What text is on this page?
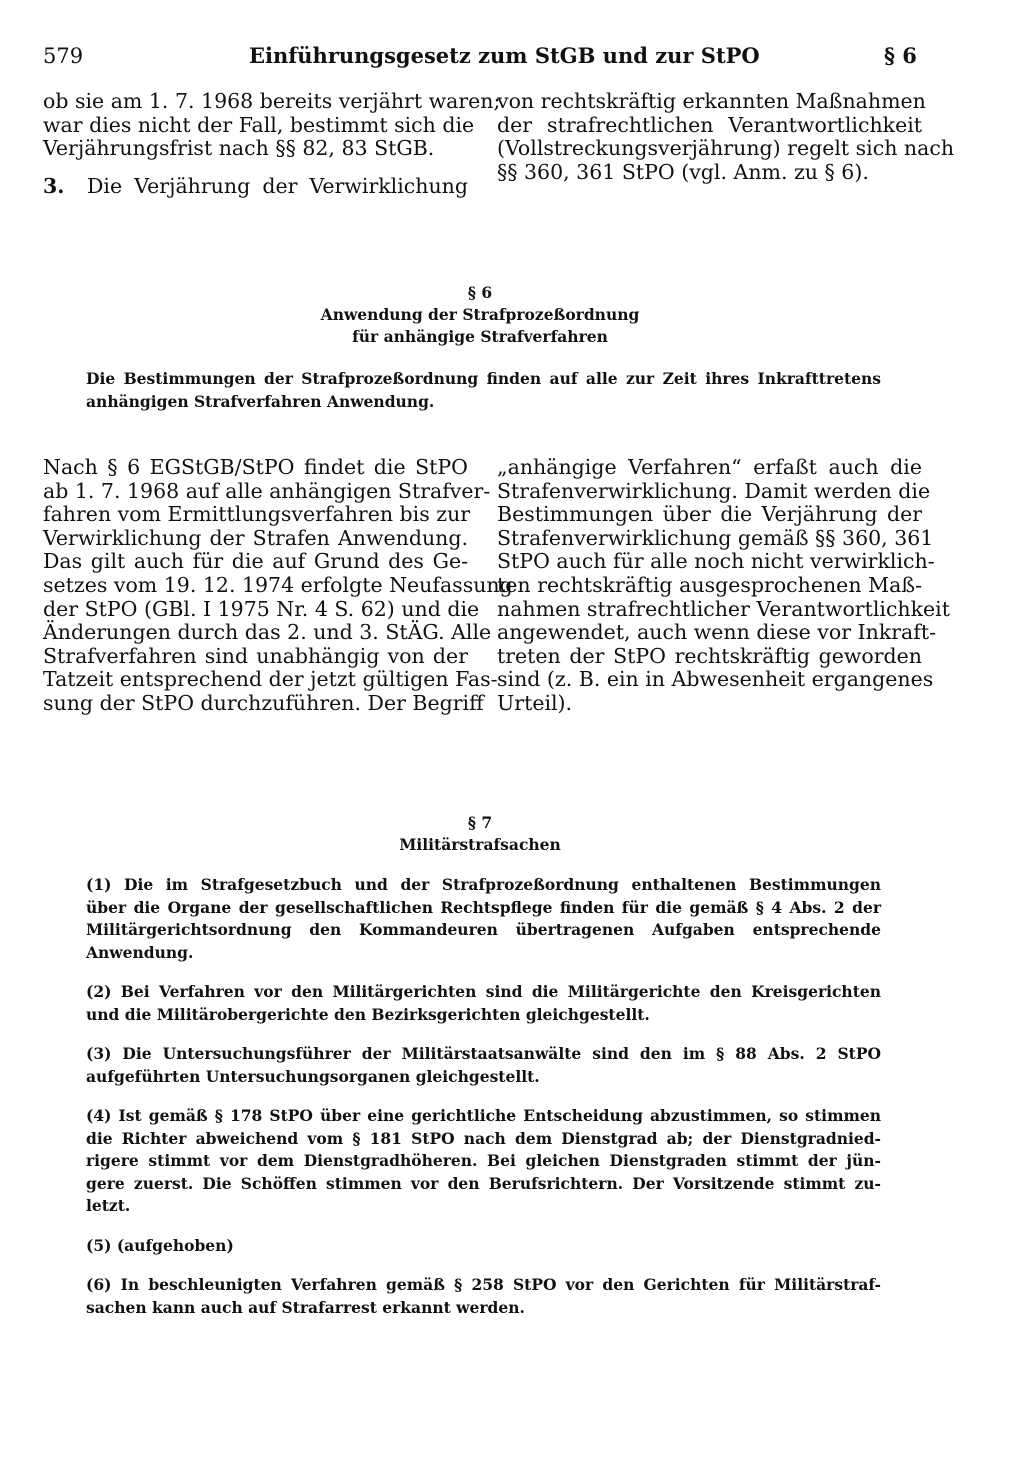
579	Einführungsgesetz zum StGB und zur StPO	§ 6
ob sie am 1. 7. 1968 bereits verjährt waren;
war dies nicht der Fall, bestimmt sich die
Verjährungsfrist nach §§ 82, 83 StGB.
3.	Die Verjährung der Verwirklichung
von rechtskräftig erkannten Maßnahmen
der strafrechtlichen Verantwortlichkeit
(Vollstreckungsverjährung) regelt sich nach
§§ 360, 361 StPO (vgl. Anm. zu § 6).
§ 6
Anwendung der Strafprozeßordnung
für anhängige Strafverfahren
Die Bestimmungen der Strafprozeßordnung finden auf alle zur Zeit ihres Inkrafttretens
anhängigen Strafverfahren Anwendung.
Nach § 6 EGStGB/StPO findet die StPO
ab 1. 7. 1968 auf alle anhängigen Strafver-
fahren vom Ermittlungsverfahren bis zur
Verwirklichung der Strafen Anwendung.
Das gilt auch für die auf Grund des Ge-
setzes vom 19. 12. 1974 erfolgte Neufassung
der StPO (GBl. I 1975 Nr. 4 S. 62) und die
Änderungen durch das 2. und 3. StÄG. Alle
Strafverfahren sind unabhängig von der
Tatzeit entsprechend der jetzt gültigen Fas-
sung der StPO durchzuführen. Der Begriff
„anhängige Verfahren“ erfaßt auch die
Strafenverwirklichung. Damit werden die
Bestimmungen über die Verjährung der
Strafenverwirklichung gemäß §§ 360, 361
StPO auch für alle noch nicht verwirklich-
ten rechtskräftig ausgesprochenen Maß-
nahmen strafrechtlicher Verantwortlichkeit
angewendet, auch wenn diese vor Inkraft-
treten der StPO rechtskräftig geworden
sind (z. B. ein in Abwesenheit ergangenes
Urteil).
§ 7
Militärstrafsachen
(1) Die im Strafgesetzbuch und der Strafprozeßordnung enthaltenen Bestimmungen
über die Organe der gesellschaftlichen Rechtspflege finden für die gemäß § 4 Abs. 2 der
Militärgerichtsordnung den Kommandeuren übertragenen Aufgaben entsprechende
Anwendung.
(2) Bei Verfahren vor den Militärgerichten sind die Militärgerichte den Kreisgerichten
und die Militärobergerichte den Bezirksgerichten gleichgestellt.
(3) Die Untersuchungsführer der Militärstaatsanwälte sind den im § 88 Abs. 2 StPO
aufgeführten Untersuchungsorganen gleichgestellt.
(4) Ist gemäß § 178 StPO über eine gerichtliche Entscheidung abzustimmen, so stimmen
die Richter abweichend vom § 181 StPO nach dem Dienstgrad ab; der Dienstgradnied-
rigere stimmt vor dem Dienstgradhöheren. Bei gleichen Dienstgraden stimmt der jün-
gere zuerst. Die Schöffen stimmen vor den Berufsrichtern. Der Vorsitzende stimmt zu-
letzt.
(5) (aufgehoben)
(6) In beschleunigten Verfahren gemäß § 258 StPO vor den Gerichten für Militärstraf-
sachen kann auch auf Strafarrest erkannt werden.
